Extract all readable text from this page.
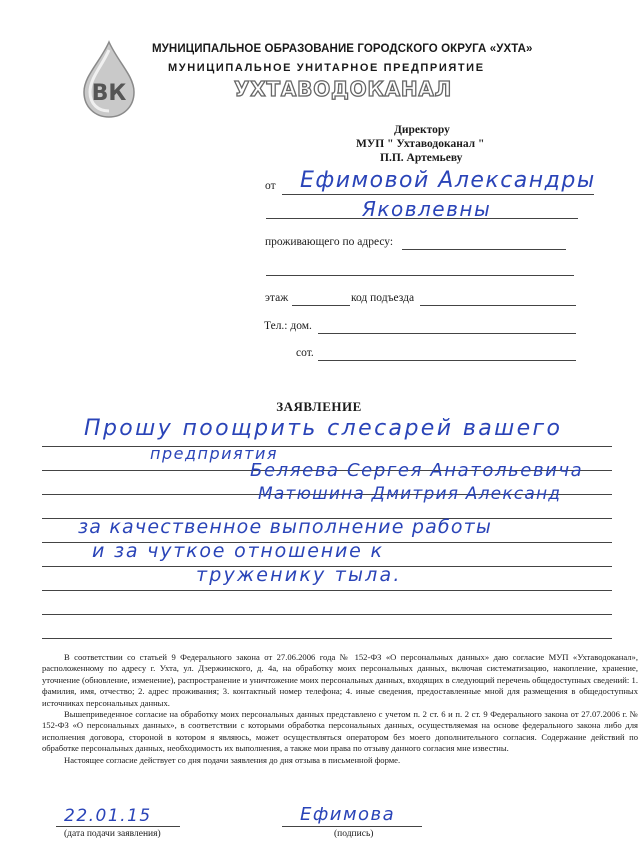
ВК
МУНИЦИПАЛЬНОЕ ОБРАЗОВАНИЕ ГОРОДСКОГО ОКРУГА «УХТА»
МУНИЦИПАЛЬНОЕ УНИТАРНОЕ ПРЕДПРИЯТИЕ
УХТАВОДОКАНАЛ
Директору
МУП " Ухтаводоканал "
П.П. Артемьеву
от Ефимовой Александры
Яковлевны
проживающего по адресу:
этаж	код подъезда
Тел.: дом.
сот.
ЗАЯВЛЕНИЕ
Прошу поощрить слесарей вашего
предприятия
Беляева Сергея Анатольевича
Матюшина Дмитрия Александ
за качественное выполнение работы
и за чуткое отношение к
труженику тыла.

В соответствии со статьей 9 Федерального закона от 27.06.2006 года № 152-ФЗ «О персональных данных» даю согласие МУП «Ухтаводоканал», расположенному по адресу г. Ухта, ул. Дзержинского, д. 4а, на обработку моих персональных данных, включая систематизацию, накопление, хранение, уточнение (обновление, изменение), распространение и уничтожение моих персональных данных, входящих в следующий перечень общедоступных сведений: 1. фамилия, имя, отчество; 2. адрес проживания; 3. контактный номер телефона; 4. иные сведения, предоставленные мной для размещения в общедоступных источниках персональных данных.

Вышеприведенное согласие на обработку моих персональных данных представлено с учетом п. 2 ст. 6 и п. 2 ст. 9 Федерального закона от 27.07.2006 г. № 152-ФЗ «О персональных данных», в соответствии с которыми обработка персональных данных, осуществляемая на основе федерального закона либо для исполнения договора, стороной в котором я являюсь, может осуществляться оператором без моего дополнительного согласия. Содержание действий по обработке персональных данных, необходимость их выполнения, а также мои права по отзыву данного согласия мне известны.

Настоящее согласие действует со дня подачи заявления до дня отзыва в письменной форме.

22.01.15
(дата подачи заявления)
Ефимова
(подпись)
